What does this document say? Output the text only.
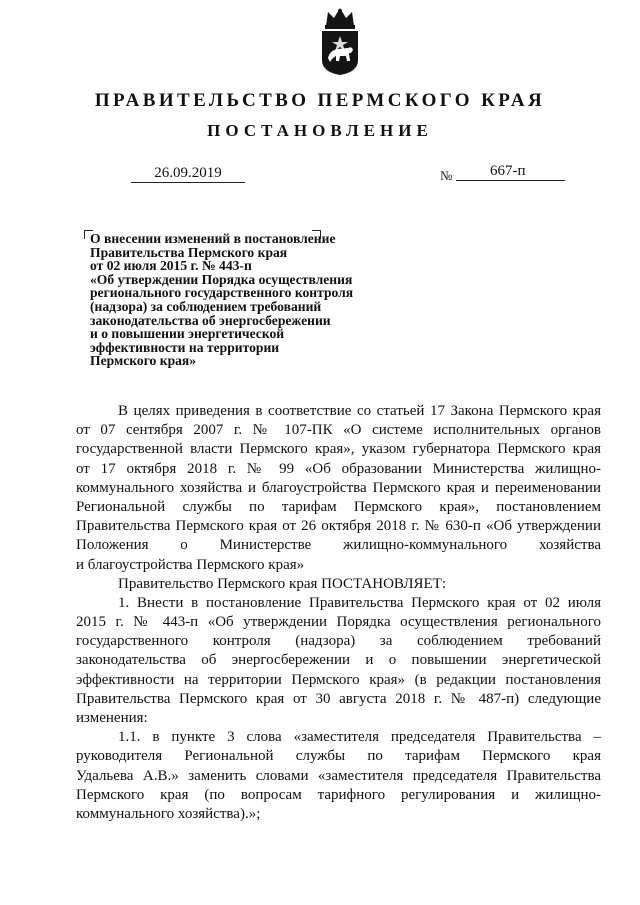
ПРАВИТЕЛЬСТВО ПЕРМСКОГО КРАЯ
ПОСТАНОВЛЕНИЕ
26.09.2019	№	667-п
О внесении изменений в постановление
Правительства Пермского края
от 02 июля 2015 г. № 443-п
«Об утверждении Порядка осуществления
регионального государственного контроля
(надзора) за соблюдением требований
законодательства об энергосбережении
и о повышении энергетической
эффективности на территории
Пермского края»
В целях приведения в соответствие со статьей 17 Закона Пермского края
от 07 сентября 2007 г. № 107-ПК «О системе исполнительных органов
государственной власти Пермского края», указом губернатора Пермского края
от 17 октября 2018 г. № 99 «Об образовании Министерства жилищно-
коммунального хозяйства и благоустройства Пермского края и переименовании
Региональной службы по тарифам Пермского края», постановлением
Правительства Пермского края от 26 октября 2018 г. № 630-п «Об утверждении
Положения о Министерстве жилищно-коммунального хозяйства
и благоустройства Пермского края»
Правительство Пермского края ПОСТАНОВЛЯЕТ:
1. Внести в постановление Правительства Пермского края от 02 июля
2015 г. № 443-п «Об утверждении Порядка осуществления регионального
государственного контроля (надзора) за соблюдением требований
законодательства об энергосбережении и о повышении энергетической
эффективности на территории Пермского края» (в редакции постановления
Правительства Пермского края от 30 августа 2018 г. № 487-п) следующие
изменения:
1.1. в пункте 3 слова «заместителя председателя Правительства –
руководителя Региональной службы по тарифам Пермского края
Удальева А.В.» заменить словами «заместителя председателя Правительства
Пермского края (по вопросам тарифного регулирования и жилищно-
коммунального хозяйства).»;
